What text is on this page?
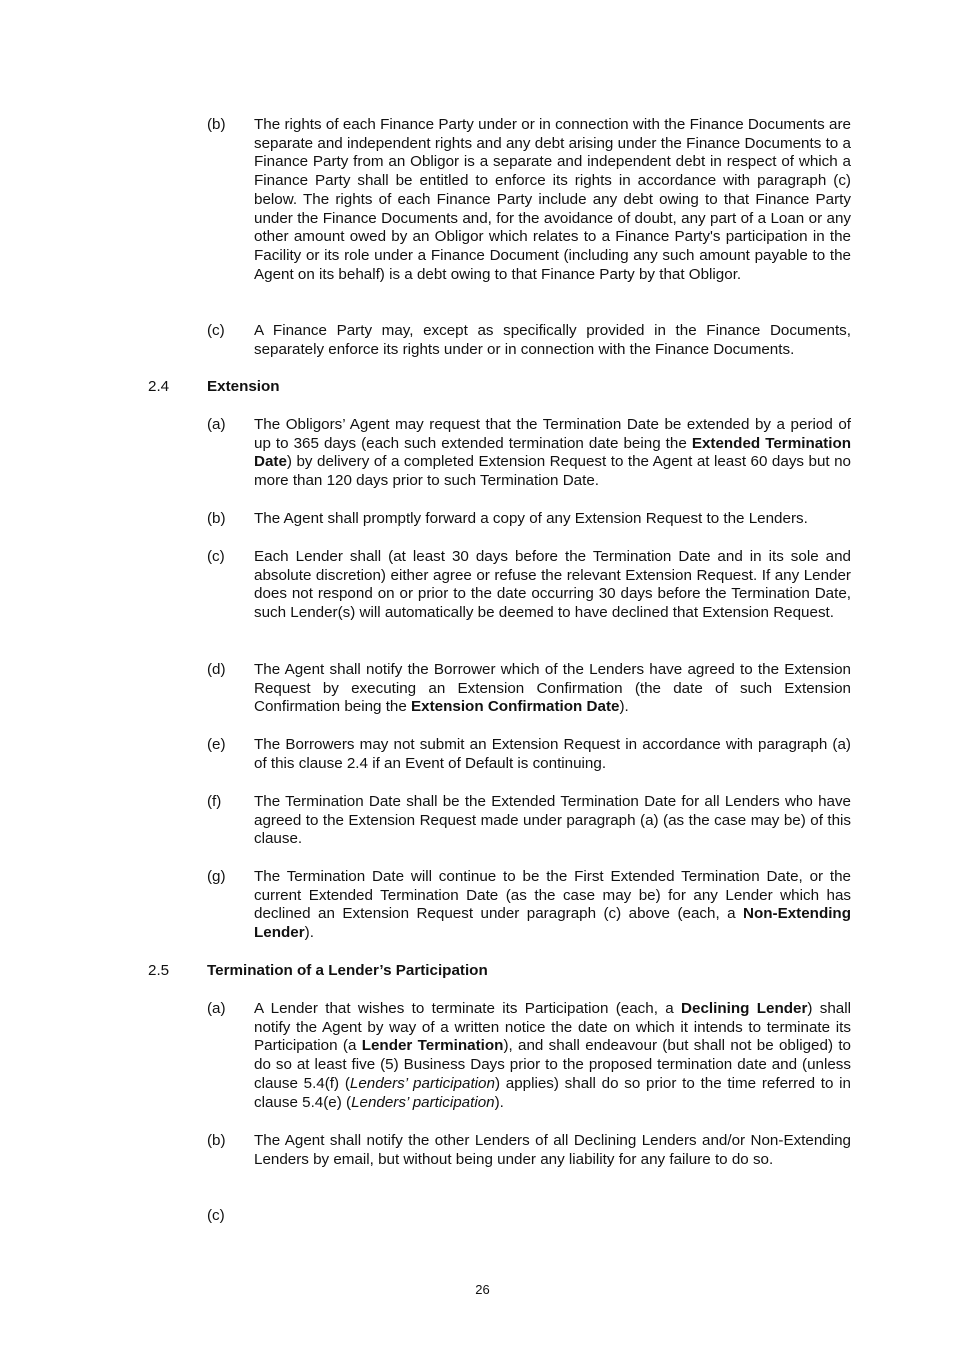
(b) The rights of each Finance Party under or in connection with the Finance Documents are separate and independent rights and any debt arising under the Finance Documents to a Finance Party from an Obligor is a separate and independent debt in respect of which a Finance Party shall be entitled to enforce its rights in accordance with paragraph (c) below. The rights of each Finance Party include any debt owing to that Finance Party under the Finance Documents and, for the avoidance of doubt, any part of a Loan or any other amount owed by an Obligor which relates to a Finance Party's participation in the Facility or its role under a Finance Document (including any such amount payable to the Agent on its behalf) is a debt owing to that Finance Party by that Obligor.
(c) A Finance Party may, except as specifically provided in the Finance Documents, separately enforce its rights under or in connection with the Finance Documents.
2.4 Extension
(a) The Obligors’ Agent may request that the Termination Date be extended by a period of up to 365 days (each such extended termination date being the Extended Termination Date) by delivery of a completed Extension Request to the Agent at least 60 days but no more than 120 days prior to such Termination Date.
(b) The Agent shall promptly forward a copy of any Extension Request to the Lenders.
(c) Each Lender shall (at least 30 days before the Termination Date and in its sole and absolute discretion) either agree or refuse the relevant Extension Request. If any Lender does not respond on or prior to the date occurring 30 days before the Termination Date, such Lender(s) will automatically be deemed to have declined that Extension Request.
(d) The Agent shall notify the Borrower which of the Lenders have agreed to the Extension Request by executing an Extension Confirmation (the date of such Extension Confirmation being the Extension Confirmation Date).
(e) The Borrowers may not submit an Extension Request in accordance with paragraph (a) of this clause 2.4 if an Event of Default is continuing.
(f) The Termination Date shall be the Extended Termination Date for all Lenders who have agreed to the Extension Request made under paragraph (a) (as the case may be) of this clause.
(g) The Termination Date will continue to be the First Extended Termination Date, or the current Extended Termination Date (as the case may be) for any Lender which has declined an Extension Request under paragraph (c) above (each, a Non-Extending Lender).
2.5 Termination of a Lender’s Participation
(a) A Lender that wishes to terminate its Participation (each, a Declining Lender) shall notify the Agent by way of a written notice the date on which it intends to terminate its Participation (a Lender Termination), and shall endeavour (but shall not be obliged) to do so at least five (5) Business Days prior to the proposed termination date and (unless clause 5.4(f) (Lenders’ participation) applies) shall do so prior to the time referred to in clause 5.4(e) (Lenders’ participation).
(b) The Agent shall notify the other Lenders of all Declining Lenders and/or Non-Extending Lenders by email, but without being under any liability for any failure to do so.
(c)
26
